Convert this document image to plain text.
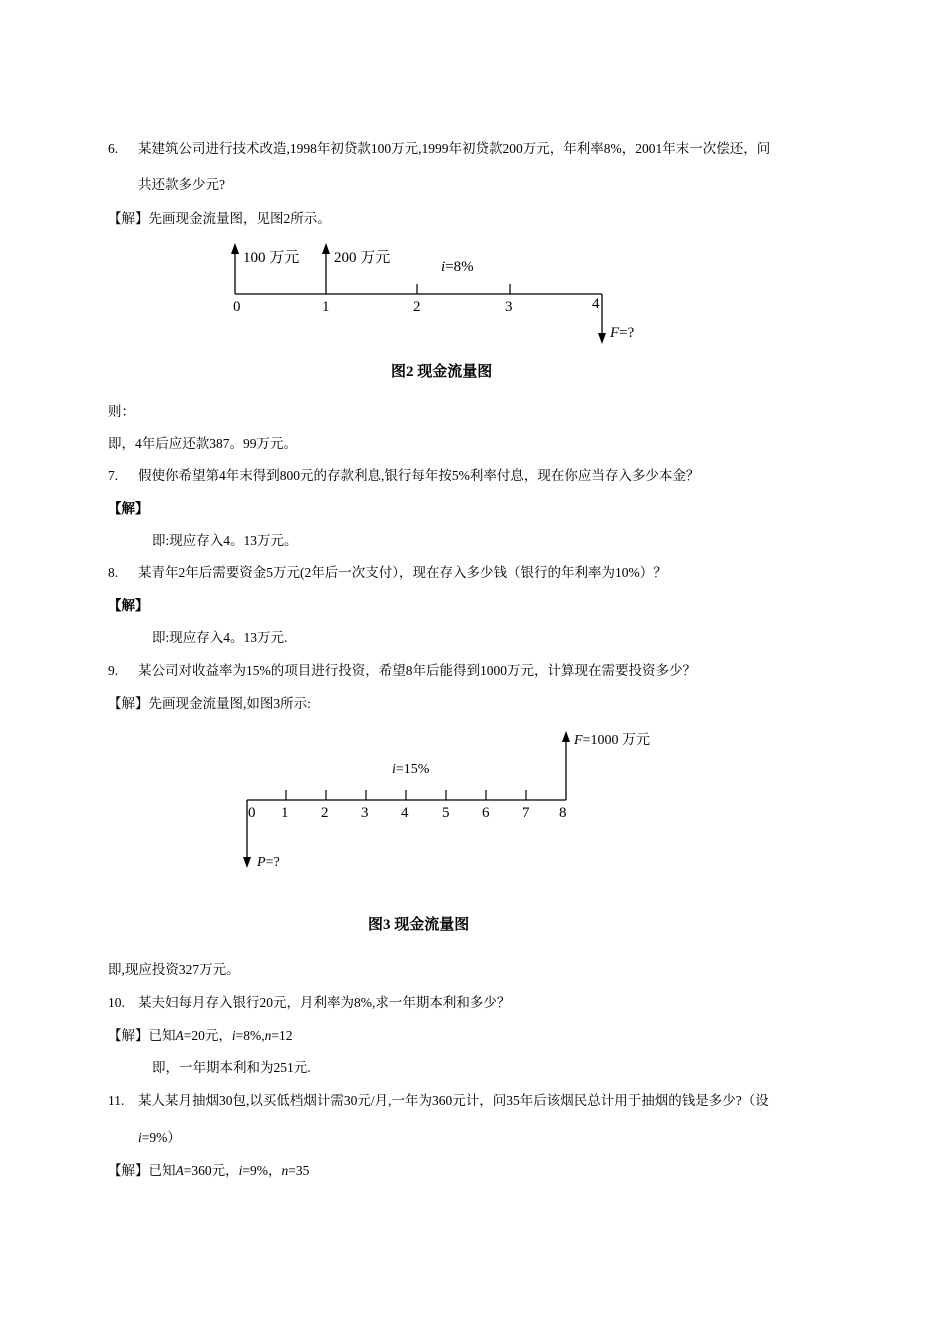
6. 某建筑公司进行技术改造,1998年初贷款100万元,1999年初贷款200万元，年利率8%，2001年末一次偿还，问
共还款多少元?
【解】先画现金流量图，见图2所示。
100 万元 200 万元
i=8%
0	1	2	3	4
F=?
图2 现金流量图
则：
即，4年后应还款387。99万元。
7. 假使你希望第4年末得到800元的存款利息,银行每年按5%利率付息，现在你应当存入多少本金？
【解】
即:现应存入4。13万元。
8. 某青年2年后需要资金5万元(2年后一次支付），现在存入多少钱（银行的年利率为10%）？
【解】
即:现应存入4。13万元.
9. 某公司对收益率为15%的项目进行投资，希望8年后能得到1000万元，计算现在需要投资多少？
【解】先画现金流量图,如图3所示:
F=1000 万元
i=15%
0 1 2 3 4 5 6 7 8
P=?
图3 现金流量图
即,现应投资327万元。
10. 某夫妇每月存入银行20元，月利率为8%,求一年期本利和多少？
【解】已知A=20元，i=8%,n=12
即，一年期本利和为251元.
11. 某人某月抽烟30包,以买低档烟计需30元/月,一年为360元计，问35年后该烟民总计用于抽烟的钱是多少?（设
i=9%）
【解】已知A=360元，i=9%，n=35
